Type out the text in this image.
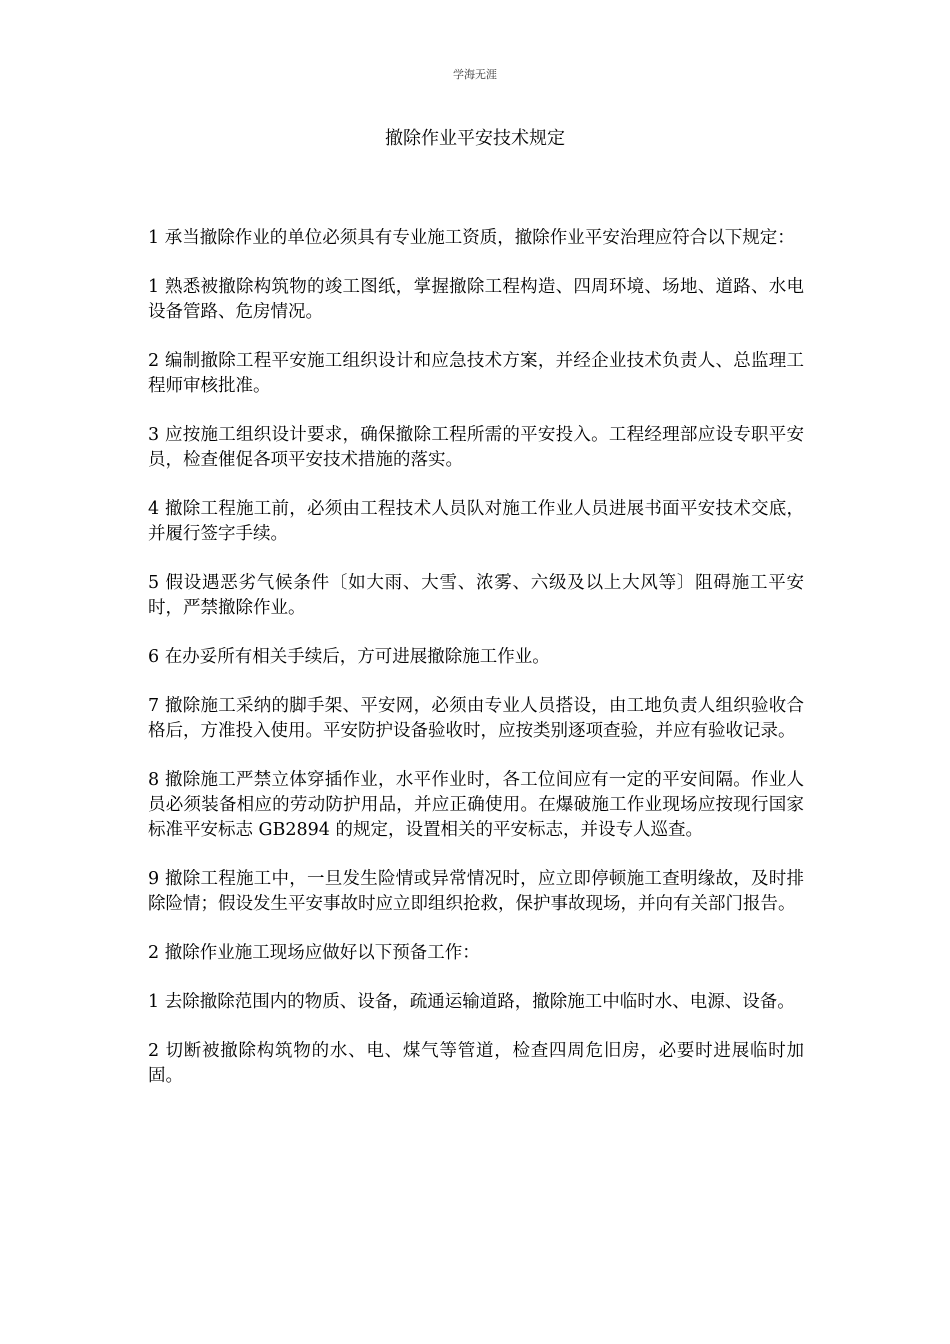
学海无涯
撤除作业平安技术规定

1 承当撤除作业的单位必须具有专业施工资质，撤除作业平安治理应符合以下规定：

1 熟悉被撤除构筑物的竣工图纸，掌握撤除工程构造、四周环境、场地、道路、水电设备管路、危房情况。

2 编制撤除工程平安施工组织设计和应急技术方案，并经企业技术负责人、总监理工程师审核批准。

3 应按施工组织设计要求，确保撤除工程所需的平安投入。工程经理部应设专职平安员，检查催促各项平安技术措施的落实。

4 撤除工程施工前，必须由工程技术人员队对施工作业人员进展书面平安技术交底，并履行签字手续。

5 假设遇恶劣气候条件〔如大雨、大雪、浓雾、六级及以上大风等〕阻碍施工平安时，严禁撤除作业。

6 在办妥所有相关手续后，方可进展撤除施工作业。

7 撤除施工采纳的脚手架、平安网，必须由专业人员搭设，由工地负责人组织验收合格后，方准投入使用。平安防护设备验收时，应按类别逐项查验，并应有验收记录。

8 撤除施工严禁立体穿插作业，水平作业时，各工位间应有一定的平安间隔。作业人员必须装备相应的劳动防护用品，并应正确使用。在爆破施工作业现场应按现行国家标准平安标志 GB2894 的规定，设置相关的平安标志，并设专人巡查。

9 撤除工程施工中，一旦发生险情或异常情况时，应立即停顿施工查明缘故，及时排除险情；假设发生平安事故时应立即组织抢救，保护事故现场，并向有关部门报告。

2 撤除作业施工现场应做好以下预备工作：

1 去除撤除范围内的物质、设备，疏通运输道路，撤除施工中临时水、电源、设备。

2 切断被撤除构筑物的水、电、煤气等管道，检查四周危旧房，必要时进展临时加固。
